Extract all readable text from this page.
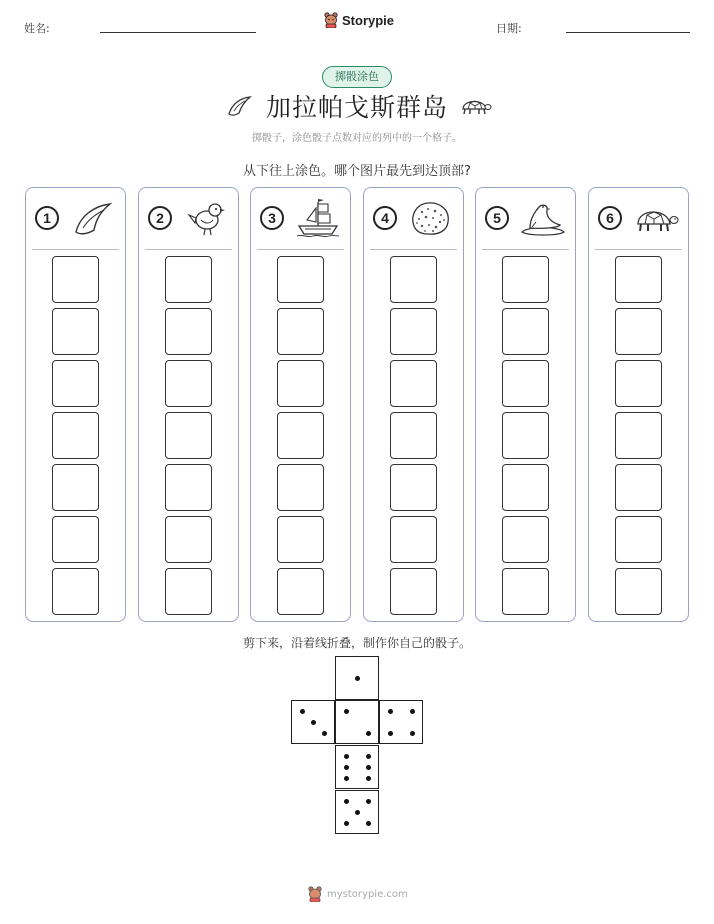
姓名:
Storypie
日期:
掷骰涂色
加拉帕戈斯群岛
掷骰子，涂色骰子点数对应的列中的一个格子。
从下往上涂色。哪个图片最先到达顶部?
1	2	3	4	5	6
剪下来，沿着线折叠，制作你自己的骰子。
mystorypie.com
